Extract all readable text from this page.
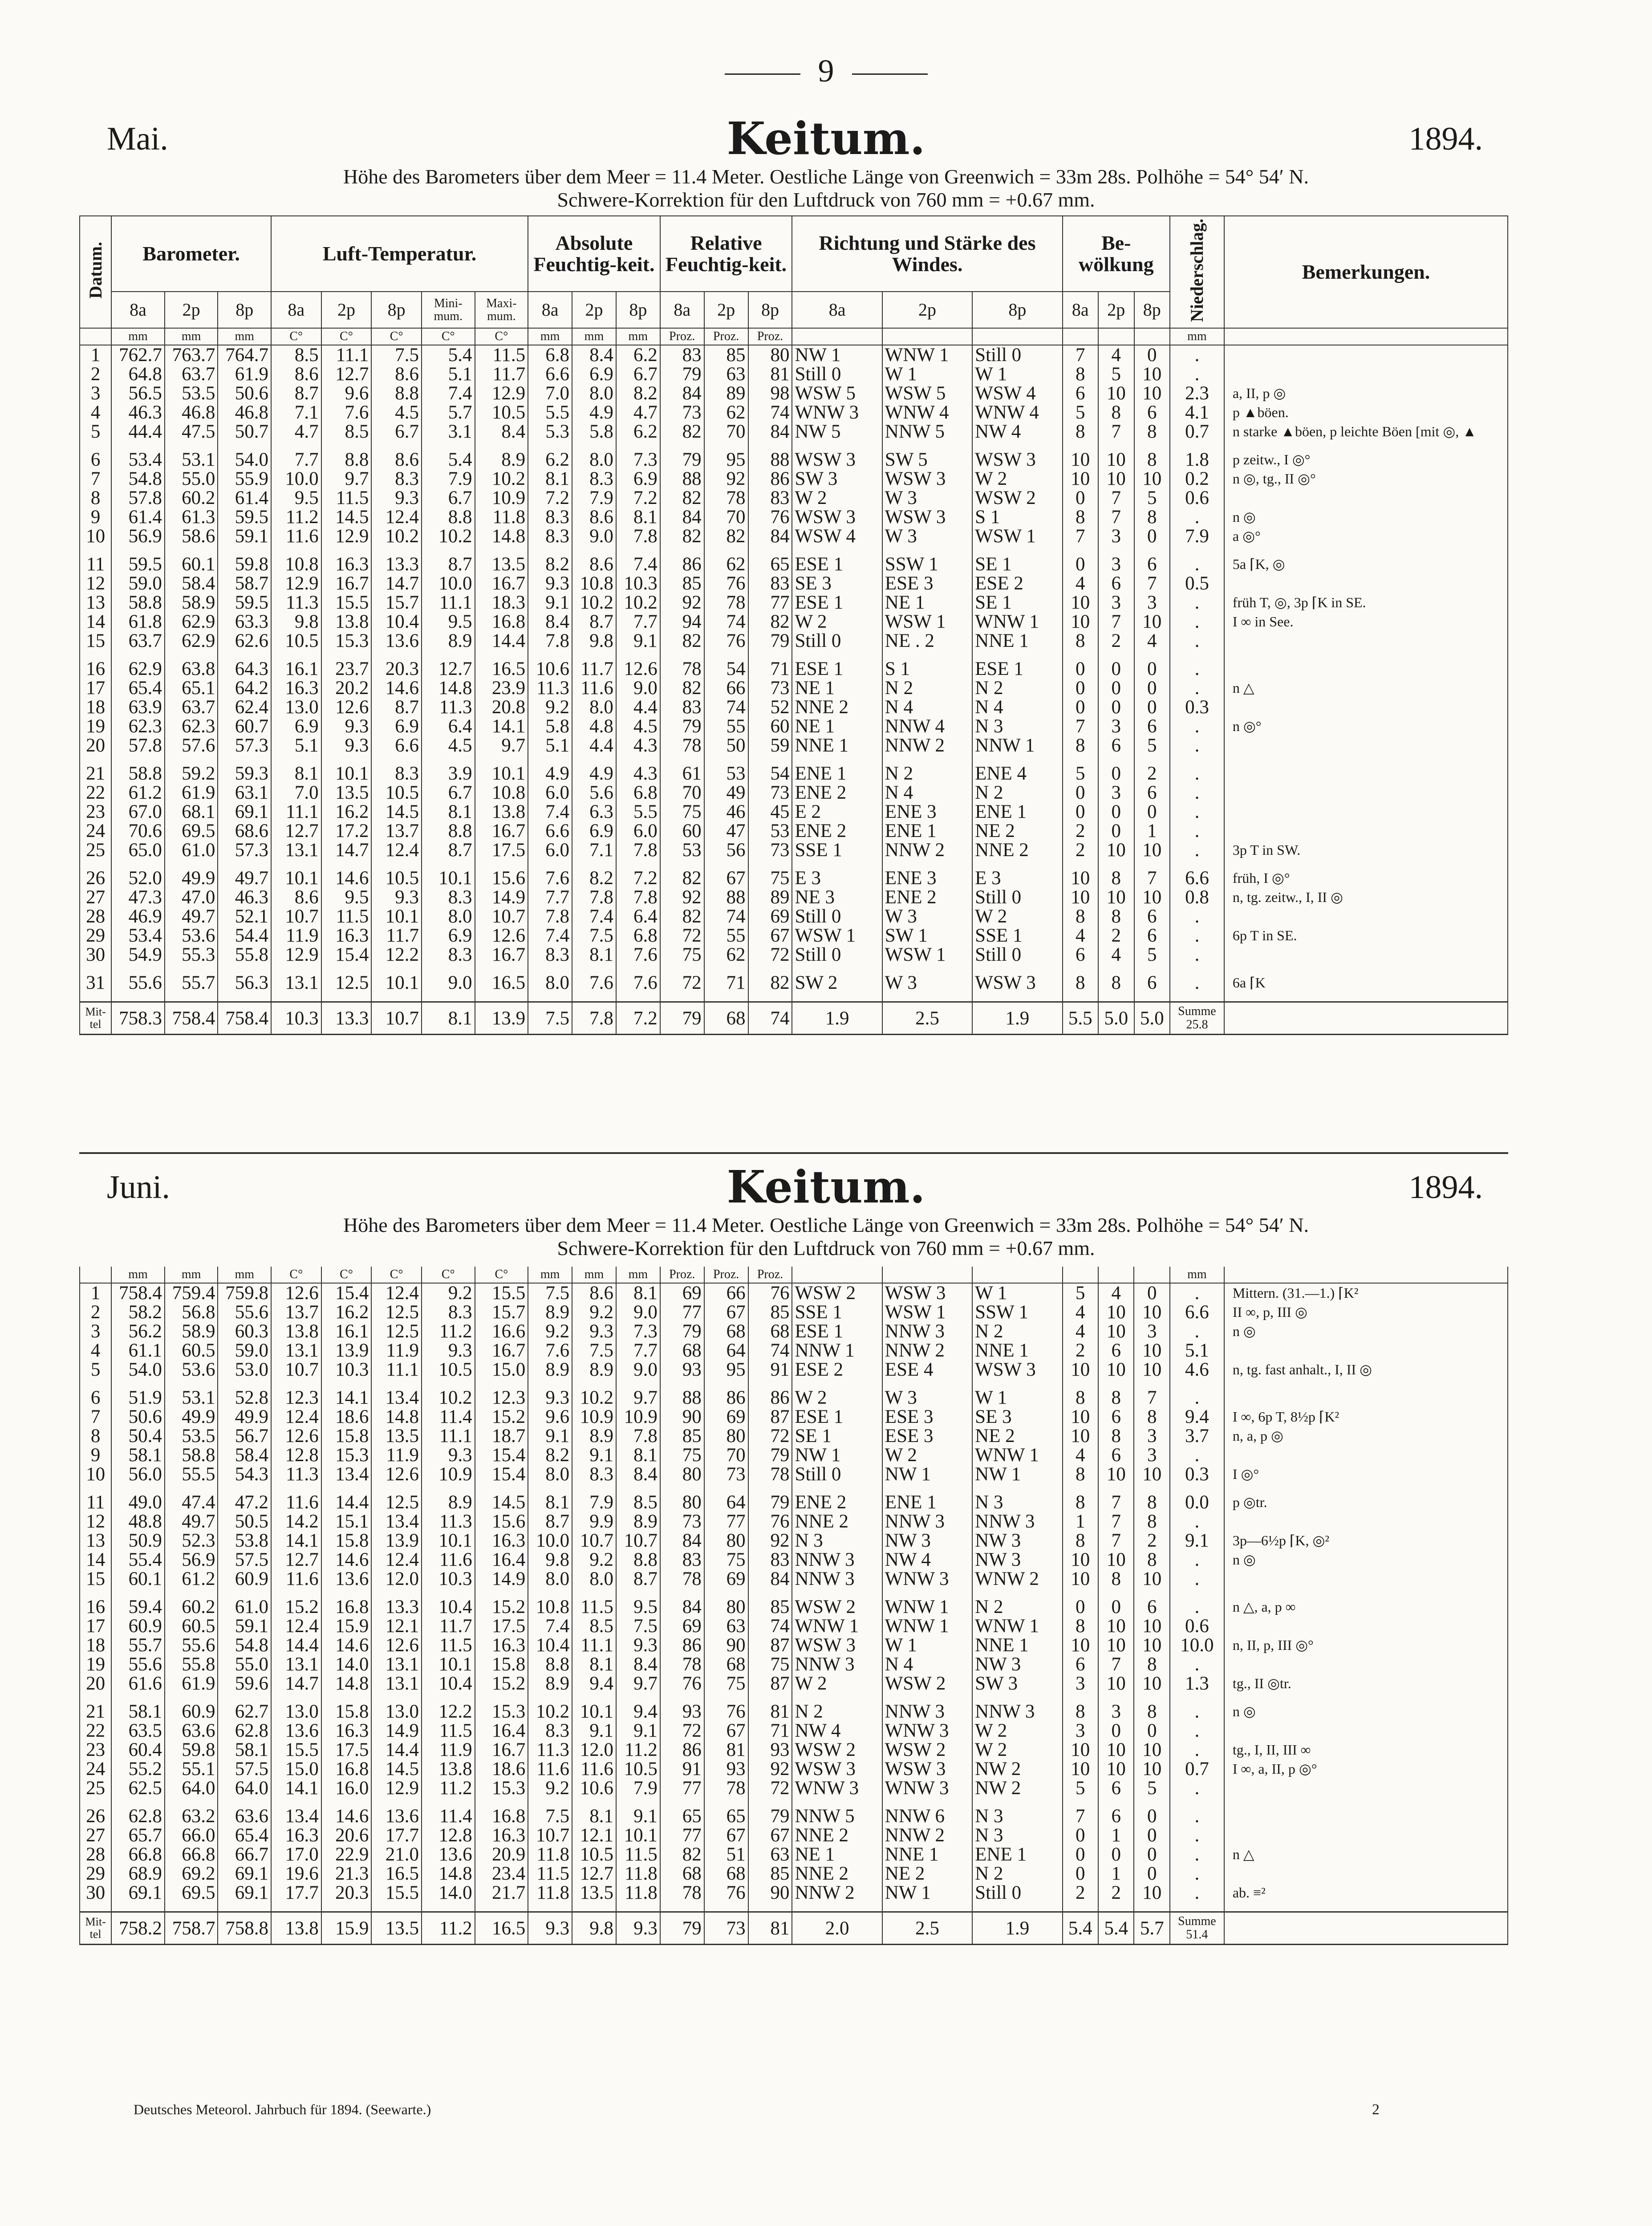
9
Mai.	Keitum.	1894.
Höhe des Barometers über dem Meer = 11.4 Meter. Oestliche Länge von Greenwich = 33m 28s. Polhöhe = 54° 54′ N.
Schwere-Korrektion für den Luftdruck von 760 mm = +0.67 mm.
Datum.	Barometer.			Luft-Temperatur.					Absolute Feuchtig-keit.			Relative Feuchtig-keit.			Richtung und Stärke des Windes.			Be-wölkung			Niederschlag.	Bemerkungen.
	8a	2p	8p	8a	2p	8p	Mini-mum.	Maxi-mum.	8a	2p	8p	8a	2p	8p	8a	2p	8p	8a	2p	8p		
	mm	mm	mm	C°	C°	C°	C°	C°	mm	mm	mm	Proz.	Proz.	Proz.							mm	
1	762.7	763.7	764.7	8.5	11.1	7.5	5.4	11.5	6.8	8.4	6.2	83	85	80	NW 1	WNW 1	Still 0	7	4	0	.	
2	64.8	63.7	61.9	8.6	12.7	8.6	5.1	11.7	6.6	6.9	6.7	79	63	81	Still 0	W 1	W 1	8	5	10	.	
3	56.5	53.5	50.6	8.7	9.6	8.8	7.4	12.9	7.0	8.0	8.2	84	89	98	WSW 5	WSW 5	WSW 4	6	10	10	2.3	a, II, p ◎
4	46.3	46.8	46.8	7.1	7.6	4.5	5.7	10.5	5.5	4.9	4.7	73	62	74	WNW 3	WNW 4	WNW 4	5	8	6	4.1	p ▲böen.
5	44.4	47.5	50.7	4.7	8.5	6.7	3.1	8.4	5.3	5.8	6.2	82	70	84	NW 5	NNW 5	NW 4	8	7	8	0.7	n starke ▲böen, p leichte Böen [mit ◎, ▲

6	53.4	53.1	54.0	7.7	8.8	8.6	5.4	8.9	6.2	8.0	7.3	79	95	88	WSW 3	SW 5	WSW 3	10	10	8	1.8	p zeitw., I ◎°
7	54.8	55.0	55.9	10.0	9.7	8.3	7.9	10.2	8.1	8.3	6.9	88	92	86	SW 3	WSW 3	W 2	10	10	10	0.2	n ◎, tg., II ◎°
8	57.8	60.2	61.4	9.5	11.5	9.3	6.7	10.9	7.2	7.9	7.2	82	78	83	W 2	W 3	WSW 2	0	7	5	0.6	
9	61.4	61.3	59.5	11.2	14.5	12.4	8.8	11.8	8.3	8.6	8.1	84	70	76	WSW 3	WSW 3	S 1	8	7	8	.	n ◎
10	56.9	58.6	59.1	11.6	12.9	10.2	10.2	14.8	8.3	9.0	7.8	82	82	84	WSW 4	W 3	WSW 1	7	3	0	7.9	a ◎°

11	59.5	60.1	59.8	10.8	16.3	13.3	8.7	13.5	8.2	8.6	7.4	86	62	65	ESE 1	SSW 1	SE 1	0	3	6	.	5a ⌈K, ◎
12	59.0	58.4	58.7	12.9	16.7	14.7	10.0	16.7	9.3	10.8	10.3	85	76	83	SE 3	ESE 3	ESE 2	4	6	7	0.5	
13	58.8	58.9	59.5	11.3	15.5	15.7	11.1	18.3	9.1	10.2	10.2	92	78	77	ESE 1	NE 1	SE 1	10	3	3	.	früh T, ◎, 3p ⌈K in SE.
14	61.8	62.9	63.3	9.8	13.8	10.4	9.5	16.8	8.4	8.7	7.7	94	74	82	W 2	WSW 1	WNW 1	10	7	10	.	I ∞ in See.
15	63.7	62.9	62.6	10.5	15.3	13.6	8.9	14.4	7.8	9.8	9.1	82	76	79	Still 0	NE . 2	NNE 1	8	2	4	.	

16	62.9	63.8	64.3	16.1	23.7	20.3	12.7	16.5	10.6	11.7	12.6	78	54	71	ESE 1	S 1	ESE 1	0	0	0	.	
17	65.4	65.1	64.2	16.3	20.2	14.6	14.8	23.9	11.3	11.6	9.0	82	66	73	NE 1	N 2	N 2	0	0	0	.	n △
18	63.9	63.7	62.4	13.0	12.6	8.7	11.3	20.8	9.2	8.0	4.4	83	74	52	NNE 2	N 4	N 4	0	0	0	0.3	
19	62.3	62.3	60.7	6.9	9.3	6.9	6.4	14.1	5.8	4.8	4.5	79	55	60	NE 1	NNW 4	N 3	7	3	6	.	n ◎°
20	57.8	57.6	57.3	5.1	9.3	6.6	4.5	9.7	5.1	4.4	4.3	78	50	59	NNE 1	NNW 2	NNW 1	8	6	5	.	

21	58.8	59.2	59.3	8.1	10.1	8.3	3.9	10.1	4.9	4.9	4.3	61	53	54	ENE 1	N 2	ENE 4	5	0	2	.	
22	61.2	61.9	63.1	7.0	13.5	10.5	6.7	10.8	6.0	5.6	6.8	70	49	73	ENE 2	N 4	N 2	0	3	6	.	
23	67.0	68.1	69.1	11.1	16.2	14.5	8.1	13.8	7.4	6.3	5.5	75	46	45	E 2	ENE 3	ENE 1	0	0	0	.	
24	70.6	69.5	68.6	12.7	17.2	13.7	8.8	16.7	6.6	6.9	6.0	60	47	53	ENE 2	ENE 1	NE 2	2	0	1	.	
25	65.0	61.0	57.3	13.1	14.7	12.4	8.7	17.5	6.0	7.1	7.8	53	56	73	SSE 1	NNW 2	NNE 2	2	10	10	.	3p T in SW.

26	52.0	49.9	49.7	10.1	14.6	10.5	10.1	15.6	7.6	8.2	7.2	82	67	75	E 3	ENE 3	E 3	10	8	7	6.6	früh, I ◎°
27	47.3	47.0	46.3	8.6	9.5	9.3	8.3	14.9	7.7	7.8	7.8	92	88	89	NE 3	ENE 2	Still 0	10	10	10	0.8	n, tg. zeitw., I, II ◎
28	46.9	49.7	52.1	10.7	11.5	10.1	8.0	10.7	7.8	7.4	6.4	82	74	69	Still 0	W 3	W 2	8	8	6	.	
29	53.4	53.6	54.4	11.9	16.3	11.7	6.9	12.6	7.4	7.5	6.8	72	55	67	WSW 1	SW 1	SSE 1	4	2	6	.	6p T in SE.
30	54.9	55.3	55.8	12.9	15.4	12.2	8.3	16.7	8.3	8.1	7.6	75	62	72	Still 0	WSW 1	Still 0	6	4	5	.	

31	55.6	55.7	56.3	13.1	12.5	10.1	9.0	16.5	8.0	7.6	7.6	72	71	82	SW 2	W 3	WSW 3	8	8	6	.	6a ⌈K

Mit-tel	758.3	758.4	758.4	10.3	13.3	10.7	8.1	13.9	7.5	7.8	7.2	79	68	74	1.9	2.5	1.9	5.5	5.0	5.0	Summe 25.8	
Juni.	Keitum.	1894.
Höhe des Barometers über dem Meer = 11.4 Meter. Oestliche Länge von Greenwich = 33m 28s. Polhöhe = 54° 54′ N.
Schwere-Korrektion für den Luftdruck von 760 mm = +0.67 mm.
	mm	mm	mm	C°	C°	C°	C°	C°	mm	mm	mm	Proz.	Proz.	Proz.							mm	
1	758.4	759.4	759.8	12.6	15.4	12.4	9.2	15.5	7.5	8.6	8.1	69	66	76	WSW 2	WSW 3	W 1	5	4	0	.	Mittern. (31.—1.) ⌈K²
2	58.2	56.8	55.6	13.7	16.2	12.5	8.3	15.7	8.9	9.2	9.0	77	67	85	SSE 1	WSW 1	SSW 1	4	10	10	6.6	II ∞, p, III ◎
3	56.2	58.9	60.3	13.8	16.1	12.5	11.2	16.6	9.2	9.3	7.3	79	68	68	ESE 1	NNW 3	N 2	4	10	3	.	n ◎
4	61.1	60.5	59.0	13.1	13.9	11.9	9.3	16.7	7.6	7.5	7.7	68	64	74	NNW 1	NNW 2	NNE 1	2	6	10	5.1	
5	54.0	53.6	53.0	10.7	10.3	11.1	10.5	15.0	8.9	8.9	9.0	93	95	91	ESE 2	ESE 4	WSW 3	10	10	10	4.6	n, tg. fast anhalt., I, II ◎

6	51.9	53.1	52.8	12.3	14.1	13.4	10.2	12.3	9.3	10.2	9.7	88	86	86	W 2	W 3	W 1	8	8	7	.	
7	50.6	49.9	49.9	12.4	18.6	14.8	11.4	15.2	9.6	10.9	10.9	90	69	87	ESE 1	ESE 3	SE 3	10	6	8	9.4	I ∞, 6p T, 8½p ⌈K²
8	50.4	53.5	56.7	12.6	15.8	13.5	11.1	18.7	9.1	8.9	7.8	85	80	72	SE 1	ESE 3	NE 2	10	8	3	3.7	n, a, p ◎
9	58.1	58.8	58.4	12.8	15.3	11.9	9.3	15.4	8.2	9.1	8.1	75	70	79	NW 1	W 2	WNW 1	4	6	3	.	
10	56.0	55.5	54.3	11.3	13.4	12.6	10.9	15.4	8.0	8.3	8.4	80	73	78	Still 0	NW 1	NW 1	8	10	10	0.3	I ◎°

11	49.0	47.4	47.2	11.6	14.4	12.5	8.9	14.5	8.1	7.9	8.5	80	64	79	ENE 2	ENE 1	N 3	8	7	8	0.0	p ◎tr.
12	48.8	49.7	50.5	14.2	15.1	13.4	11.3	15.6	8.7	9.9	8.9	73	77	76	NNE 2	NNW 3	NNW 3	1	7	8	.	
13	50.9	52.3	53.8	14.1	15.8	13.9	10.1	16.3	10.0	10.7	10.7	84	80	92	N 3	NW 3	NW 3	8	7	2	9.1	3p—6½p ⌈K, ◎²
14	55.4	56.9	57.5	12.7	14.6	12.4	11.6	16.4	9.8	9.2	8.8	83	75	83	NNW 3	NW 4	NW 3	10	10	8	.	n ◎
15	60.1	61.2	60.9	11.6	13.6	12.0	10.3	14.9	8.0	8.0	8.7	78	69	84	NNW 3	WNW 3	WNW 2	10	8	10	.	

16	59.4	60.2	61.0	15.2	16.8	13.3	10.4	15.2	10.8	11.5	9.5	84	80	85	WSW 2	WNW 1	N 2	0	0	6	.	n △, a, p ∞
17	60.9	60.5	59.1	12.4	15.9	12.1	11.7	17.5	7.4	8.5	7.5	69	63	74	WNW 1	WNW 1	WNW 1	8	10	10	0.6	
18	55.7	55.6	54.8	14.4	14.6	12.6	11.5	16.3	10.4	11.1	9.3	86	90	87	WSW 3	W 1	NNE 1	10	10	10	10.0	n, II, p, III ◎°
19	55.6	55.8	55.0	13.1	14.0	13.1	10.1	15.8	8.8	8.1	8.4	78	68	75	NNW 3	N 4	NW 3	6	7	8	.	
20	61.6	61.9	59.6	14.7	14.8	13.1	10.4	15.2	8.9	9.4	9.7	76	75	87	W 2	WSW 2	SW 3	3	10	10	1.3	tg., II ◎tr.

21	58.1	60.9	62.7	13.0	15.8	13.0	12.2	15.3	10.2	10.1	9.4	93	76	81	N 2	NNW 3	NNW 3	8	3	8	.	n ◎
22	63.5	63.6	62.8	13.6	16.3	14.9	11.5	16.4	8.3	9.1	9.1	72	67	71	NW 4	WNW 3	W 2	3	0	0	.	
23	60.4	59.8	58.1	15.5	17.5	14.4	11.9	16.7	11.3	12.0	11.2	86	81	93	WSW 2	WSW 2	W 2	10	10	10	.	tg., I, II, III ∞
24	55.2	55.1	57.5	15.0	16.8	14.5	13.8	18.6	11.6	11.6	10.5	91	93	92	WSW 3	WSW 3	NW 2	10	10	10	0.7	I ∞, a, II, p ◎°
25	62.5	64.0	64.0	14.1	16.0	12.9	11.2	15.3	9.2	10.6	7.9	77	78	72	WNW 3	WNW 3	NW 2	5	6	5	.	

26	62.8	63.2	63.6	13.4	14.6	13.6	11.4	16.8	7.5	8.1	9.1	65	65	79	NNW 5	NNW 6	N 3	7	6	0	.	
27	65.7	66.0	65.4	16.3	20.6	17.7	12.8	16.3	10.7	12.1	10.1	77	67	67	NNE 2	NNW 2	N 3	0	1	0	.	
28	66.8	66.8	66.7	17.0	22.9	21.0	13.6	20.9	11.8	10.5	11.5	82	51	63	NE 1	NNE 1	ENE 1	0	0	0	.	n △
29	68.9	69.2	69.1	19.6	21.3	16.5	14.8	23.4	11.5	12.7	11.8	68	68	85	NNE 2	NE 2	N 2	0	1	0	.	
30	69.1	69.5	69.1	17.7	20.3	15.5	14.0	21.7	11.8	13.5	11.8	78	76	90	NNW 2	NW 1	Still 0	2	2	10	.	ab. ≡²

Mit-tel	758.2	758.7	758.8	13.8	15.9	13.5	11.2	16.5	9.3	9.8	9.3	79	73	81	2.0	2.5	1.9	5.4	5.4	5.7	Summe 51.4	
Deutsches Meteorol. Jahrbuch für 1894. (Seewarte.)	2
